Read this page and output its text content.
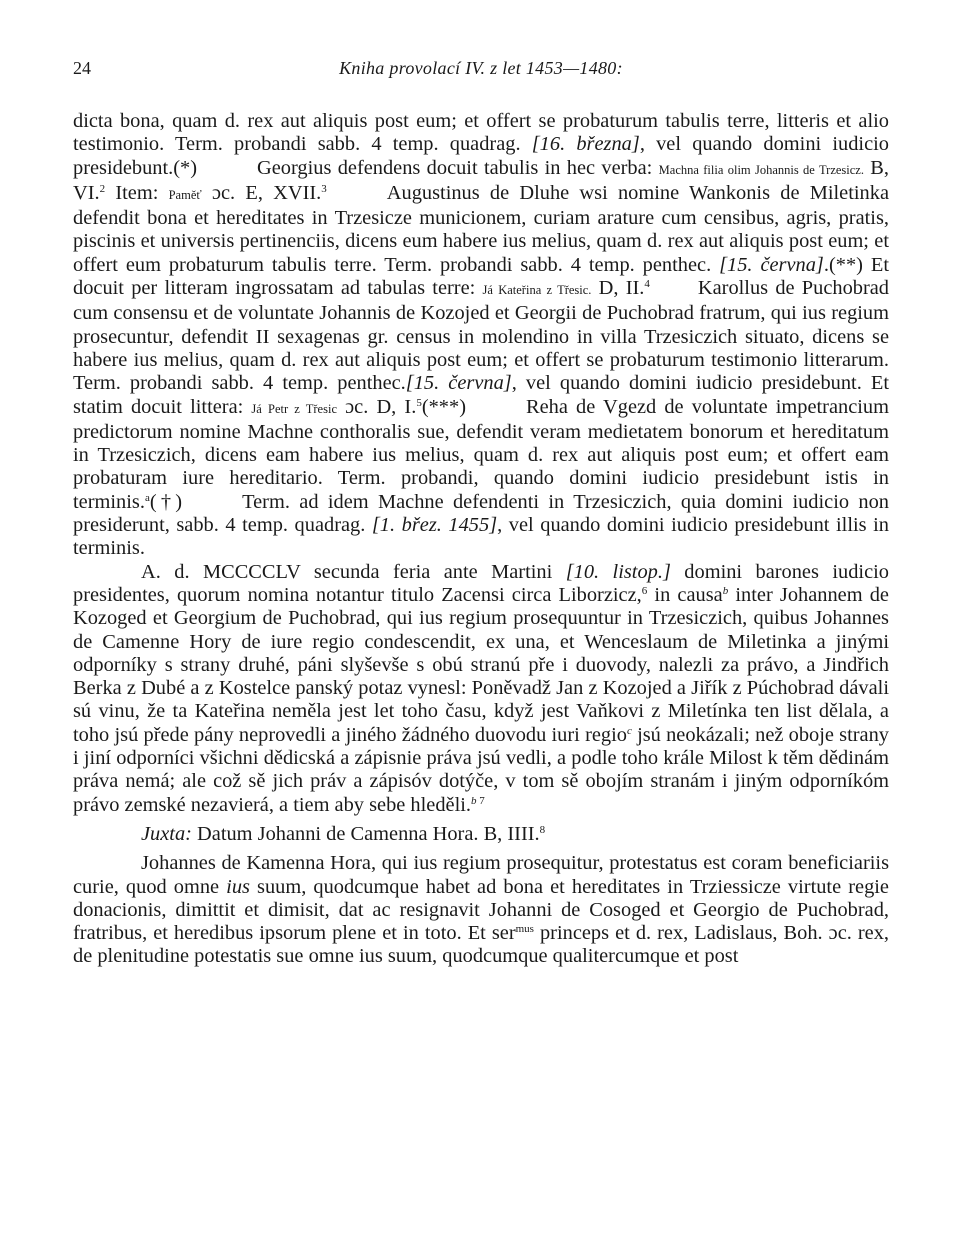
24	Kniha provolací IV. z let 1453—1480:

dicta bona, quam d. rex aut aliquis post eum; et offert se probaturum tabulis terre, litteris et alio testimonio. Term. probandi sabb. 4 temp. quadrag. [16. března], vel quando domini iudicio presidebunt.(*)	Georgius defendens docuit tabulis in hec verba: Machna filia olim Johannis de Trzesicz. B, VI.$^2$ Item: Paměť ɔc. E, XVII.$^3$	Augustinus de Dluhe wsi nomine Wankonis de Miletinka defendit bona et hereditates in Trzesicze municionem, curiam arature cum censibus, agris, pratis, piscinis et universis pertinenciis, dicens eum habere ius melius, quam d. rex aut aliquis post eum; et offert eum probaturum tabulis terre. Term. probandi sabb. 4 temp. penthec. [15. června].(**) Et docuit per litteram ingrossatam ad tabulas terre: Já Kateřina z Třesic. D, II.$^4$ Karollus de Puchobrad cum consensu et de voluntate Johannis de Kozojed et Georgii de Puchobrad fratrum, qui ius regium prosecuntur, defendit II sexagenas gr. census in molendino in villa Trzesiczich situato, dicens se habere ius melius, quam d. rex aut aliquis post eum; et offert se probaturum testimonio litterarum. Term. probandi sabb. 4 temp. penthec.[15. června], vel quando domini iudicio presidebunt. Et statim docuit littera: Já Petr z Třesic ɔc. D, I.$^5$(***)	Reha de Vgezd de voluntate impetrancium predictorum nomine Machne conthoralis sue, defendit veram medietatem bonorum et hereditatum in Trzesiczich, dicens eam habere ius melius, quam d. rex aut aliquis post eum; et offert eam probaturam iure hereditario. Term. probandi, quando domini iudicio presidebunt istis in terminis.$^a$(†)	Term. ad idem Machne defendenti in Trzesiczich, quia domini iudicio non presiderunt, sabb. 4 temp. quadrag. [1. břez. 1455], vel quando domini iudicio presidebunt illis in terminis.

A. d. MCCCCLV secunda feria ante Martini [10. listop.] domini barones iudicio presidentes, quorum nomina notantur titulo Zacensi circa Liborzicz,$^6$ in causa$^b$ inter Johannem de Kozoged et Georgium de Puchobrad, qui ius regium prosequuntur in Trzesiczich, quibus Johannes de Camenne Hory de iure regio condescendit, ex una, et Wenceslaum de Miletinka a jinými odporníky s strany druhé, páni slyševše s obú stranú pře i duovody, nalezli za právo, a Jindřich Berka z Dubé a z Kostelce panský potaz vynesl: Poněvadž Jan z Kozojed a Jiřík z Púchobrad dávali sú vinu, že ta Kateřina neměla jest let toho času, když jest Vaňkovi z Miletínka ten list dělala, a toho jsú přede pány neprovedli a jiného žádného duovodu iuri regio$^c$ jsú neokázali; než oboje strany i jiní odporníci všichni dědicská a zápisnie práva jsú vedli, a podle toho krále Milost k těm dědinám práva nemá; ale což sě jich práv a zápisóv dotýče, v tom sě obojím stranám i jiným odporníkóm právo zemské nezavierá, a tiem aby sebe hleděli.$^b$ $^7$

Juxta: Datum Johanni de Camenna Hora. B, IIII.$^8$

Johannes de Kamenna Hora, qui ius regium prosequitur, protestatus est coram beneficiariis curie, quod omne ius suum, quodcumque habet ad bona et hereditates in Trziessicze virtute regie donacionis, dimittit et dimisit, dat ac resignavit Johanni de Cosoged et Georgio de Puchobrad, fratribus, et heredibus ipsorum plene et in toto. Et ser$^{mus}$ princeps et d. rex, Ladislaus, Boh. ɔc. rex, de plenitudine potestatis sue omne ius suum, quodcumque qualitercumque et post
